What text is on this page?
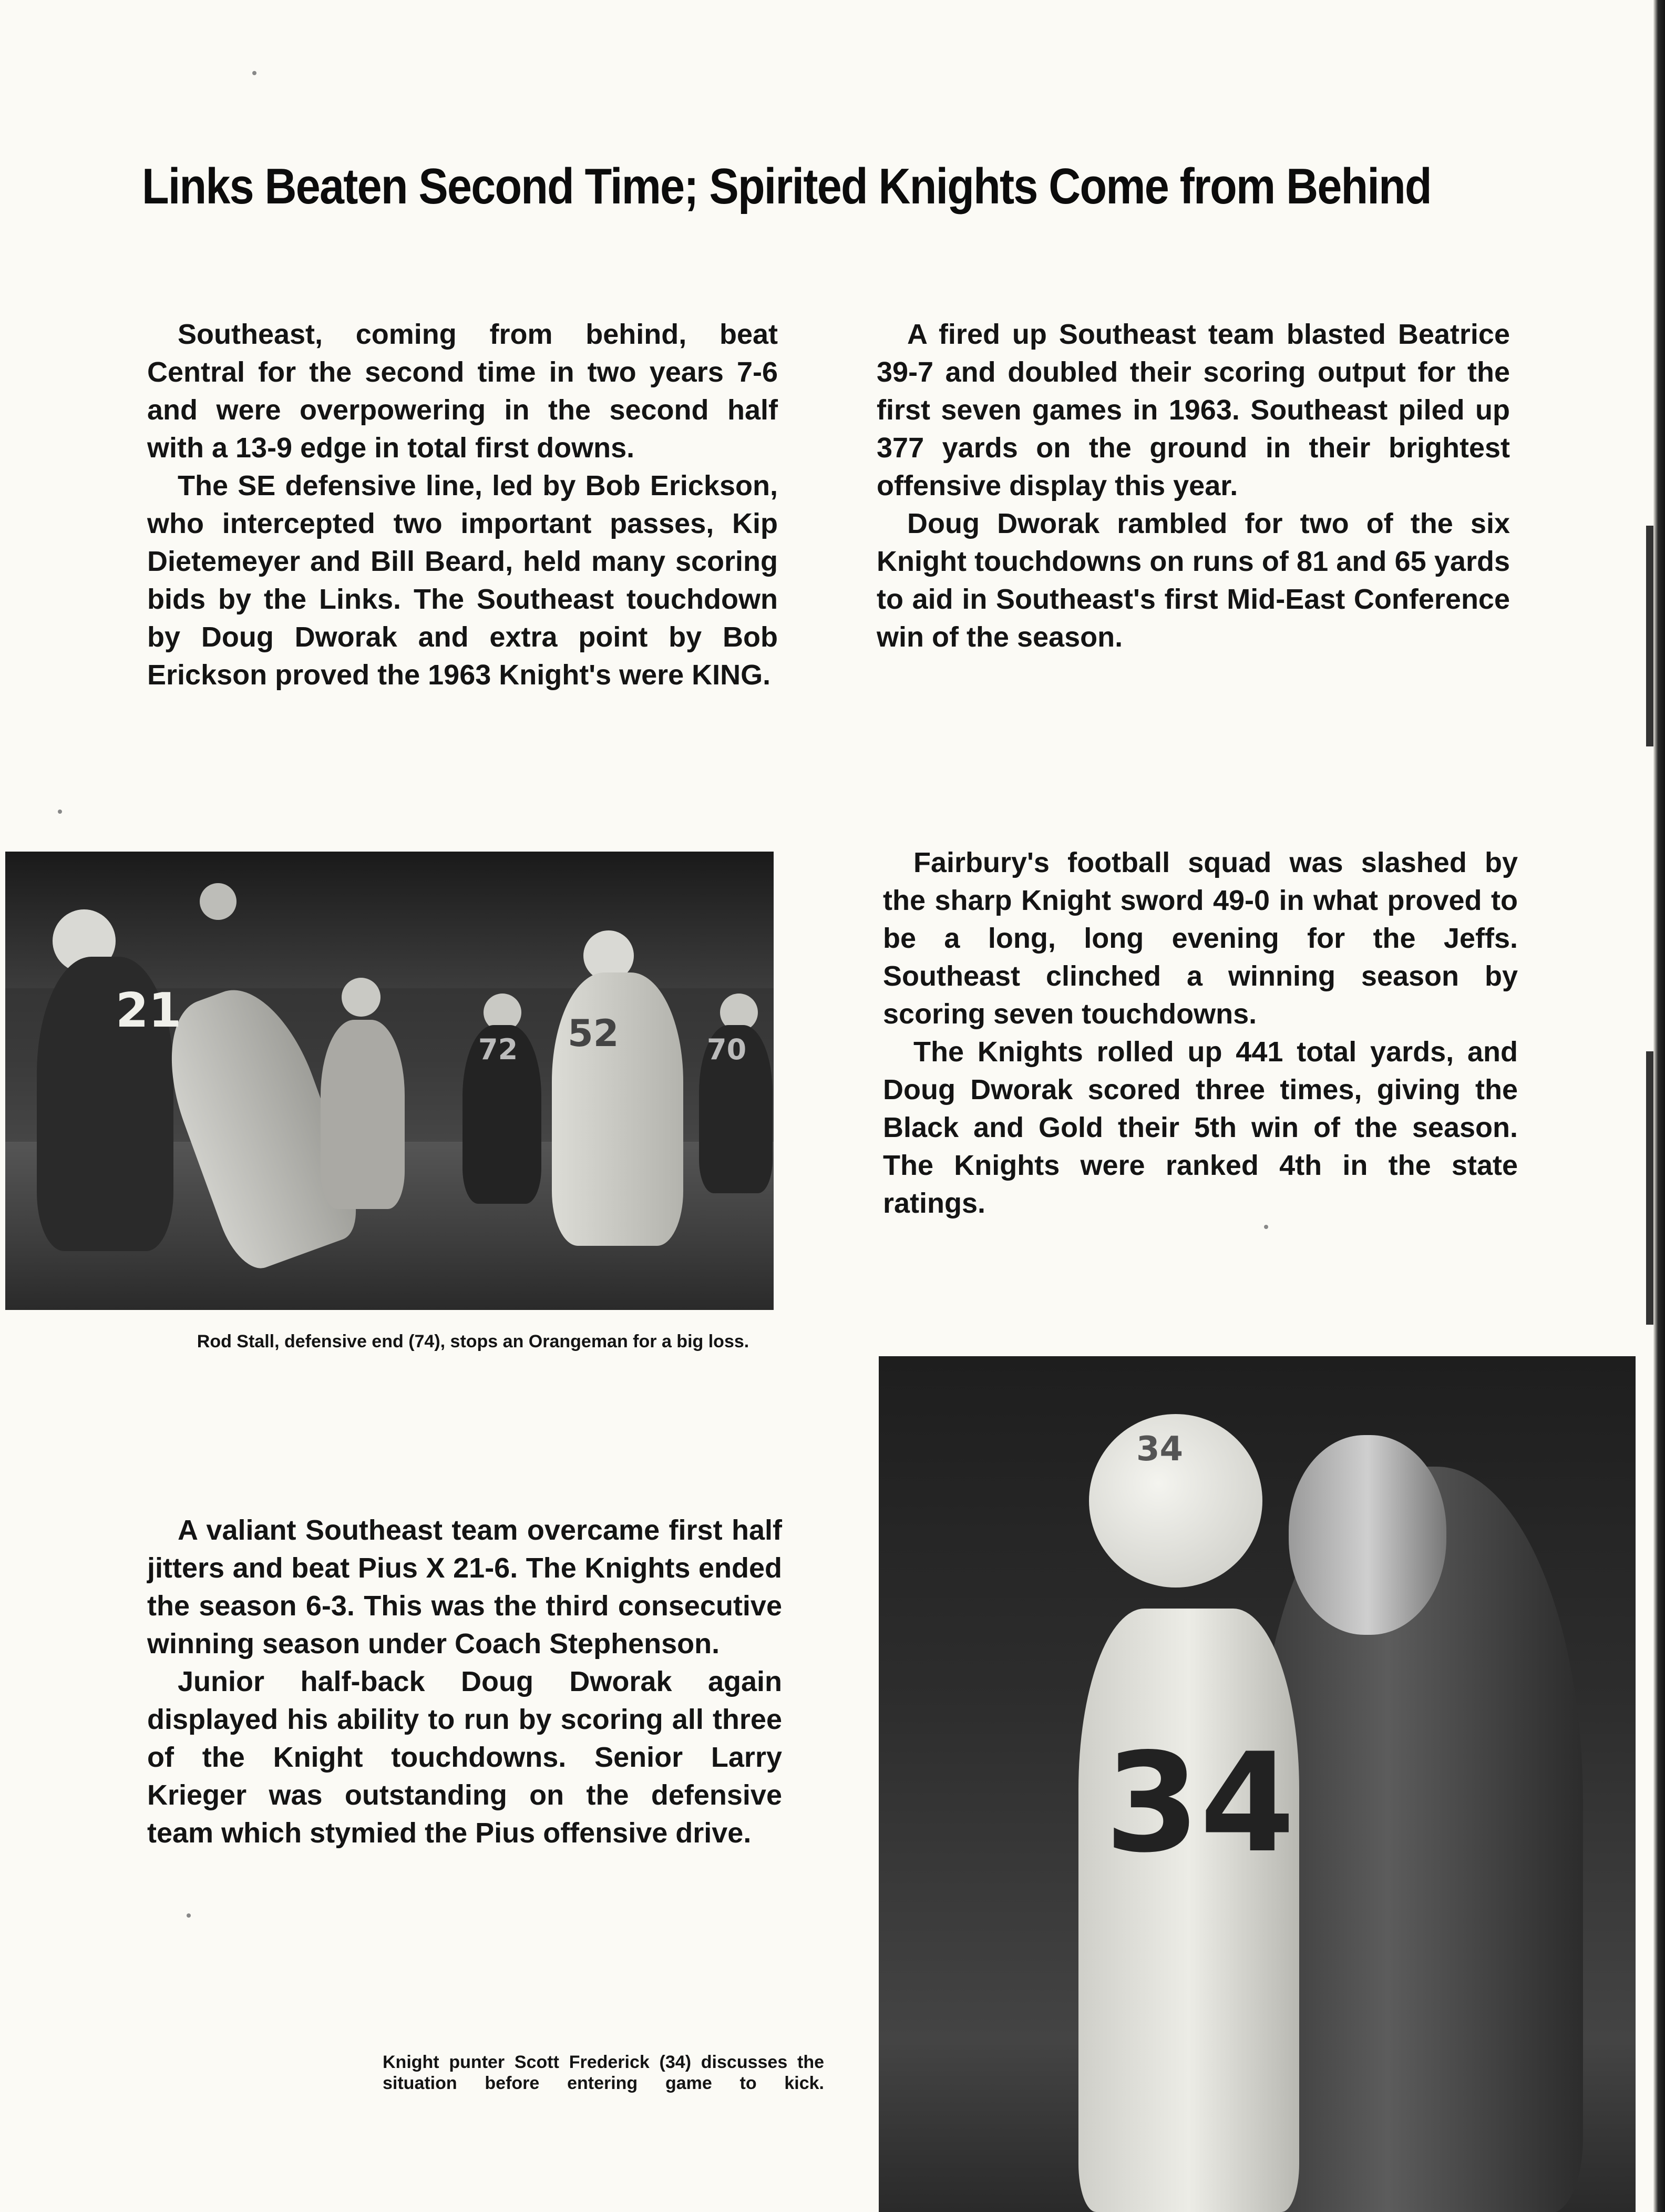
Links Beaten Second Time; Spirited Knights Come from Behind

Southeast, coming from behind, beat Central for the second time in two years 7-6 and were overpowering in the second half with a 13-9 edge in total first downs.

The SE defensive line, led by Bob Erickson, who intercepted two important passes, Kip Dietemeyer and Bill Beard, held many scoring bids by the Links. The Southeast touchdown by Doug Dworak and extra point by Bob Erickson proved the 1963 Knight's were KING.

A fired up Southeast team blasted Beatrice 39-7 and doubled their scoring output for the first seven games in 1963. Southeast piled up 377 yards on the ground in their brightest offensive display this year.

Doug Dworak rambled for two of the six Knight touchdowns on runs of 81 and 65 yards to aid in Southeast's first Mid-East Conference win of the season.

21	52
72	70
Rod Stall, defensive end (74), stops an Orangeman for a big loss.

Fairbury's football squad was slashed by the sharp Knight sword 49-0 in what proved to be a long, long evening for the Jeffs. Southeast clinched a winning season by scoring seven touchdowns.

The Knights rolled up 441 total yards, and Doug Dworak scored three times, giving the Black and Gold their 5th win of the season. The Knights were ranked 4th in the state ratings.

A valiant Southeast team overcame first half jitters and beat Pius X 21-6. The Knights ended the season 6-3. This was the third consecutive winning season under Coach Stephenson.

Junior half-back Doug Dworak again displayed his ability to run by scoring all three of the Knight touchdowns. Senior Larry Krieger was outstanding on the defensive team which stymied the Pius offensive drive.

34
34
Knight punter Scott Frederick (34) discusses the situation before entering game to kick.
